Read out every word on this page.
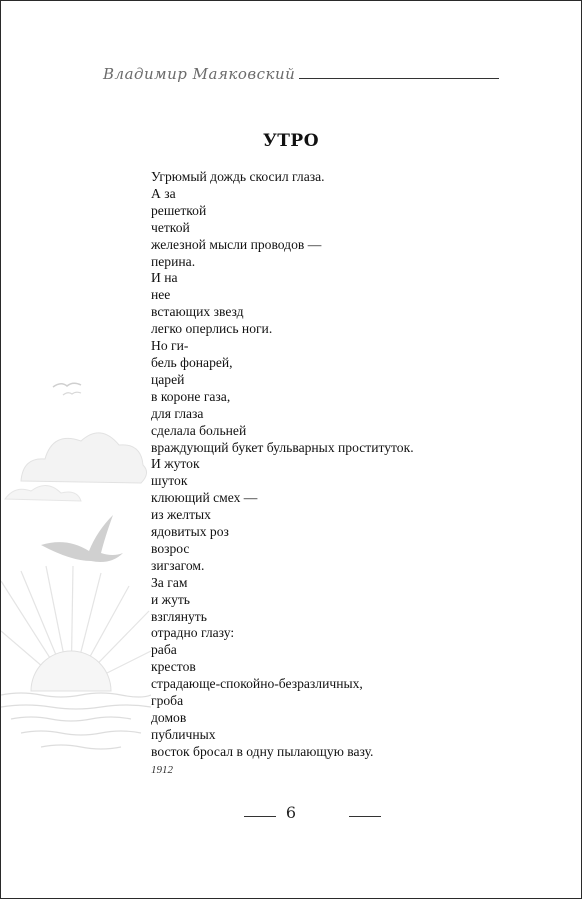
Владимир Маяковский
УТРО
Угрюмый дождь скосил глаза.
А за
решеткой
четкой
железной мысли проводов —
перина.
И на
нее
встающих звезд
легко оперлись ноги.
Но ги-
бель фонарей,
царей
в короне газа,
для глаза
сделала больней
враждующий букет бульварных проституток.
И жуток
шуток
клюющий смех —
из желтых
ядовитых роз
возрос
зигзагом.
За гам
и жуть
взглянуть
отрадно глазу:
раба
крестов
страдающе-спокойно-безразличных,
гроба
домов
публичных
восток бросал в одну пылающую вазу.
1912
6
